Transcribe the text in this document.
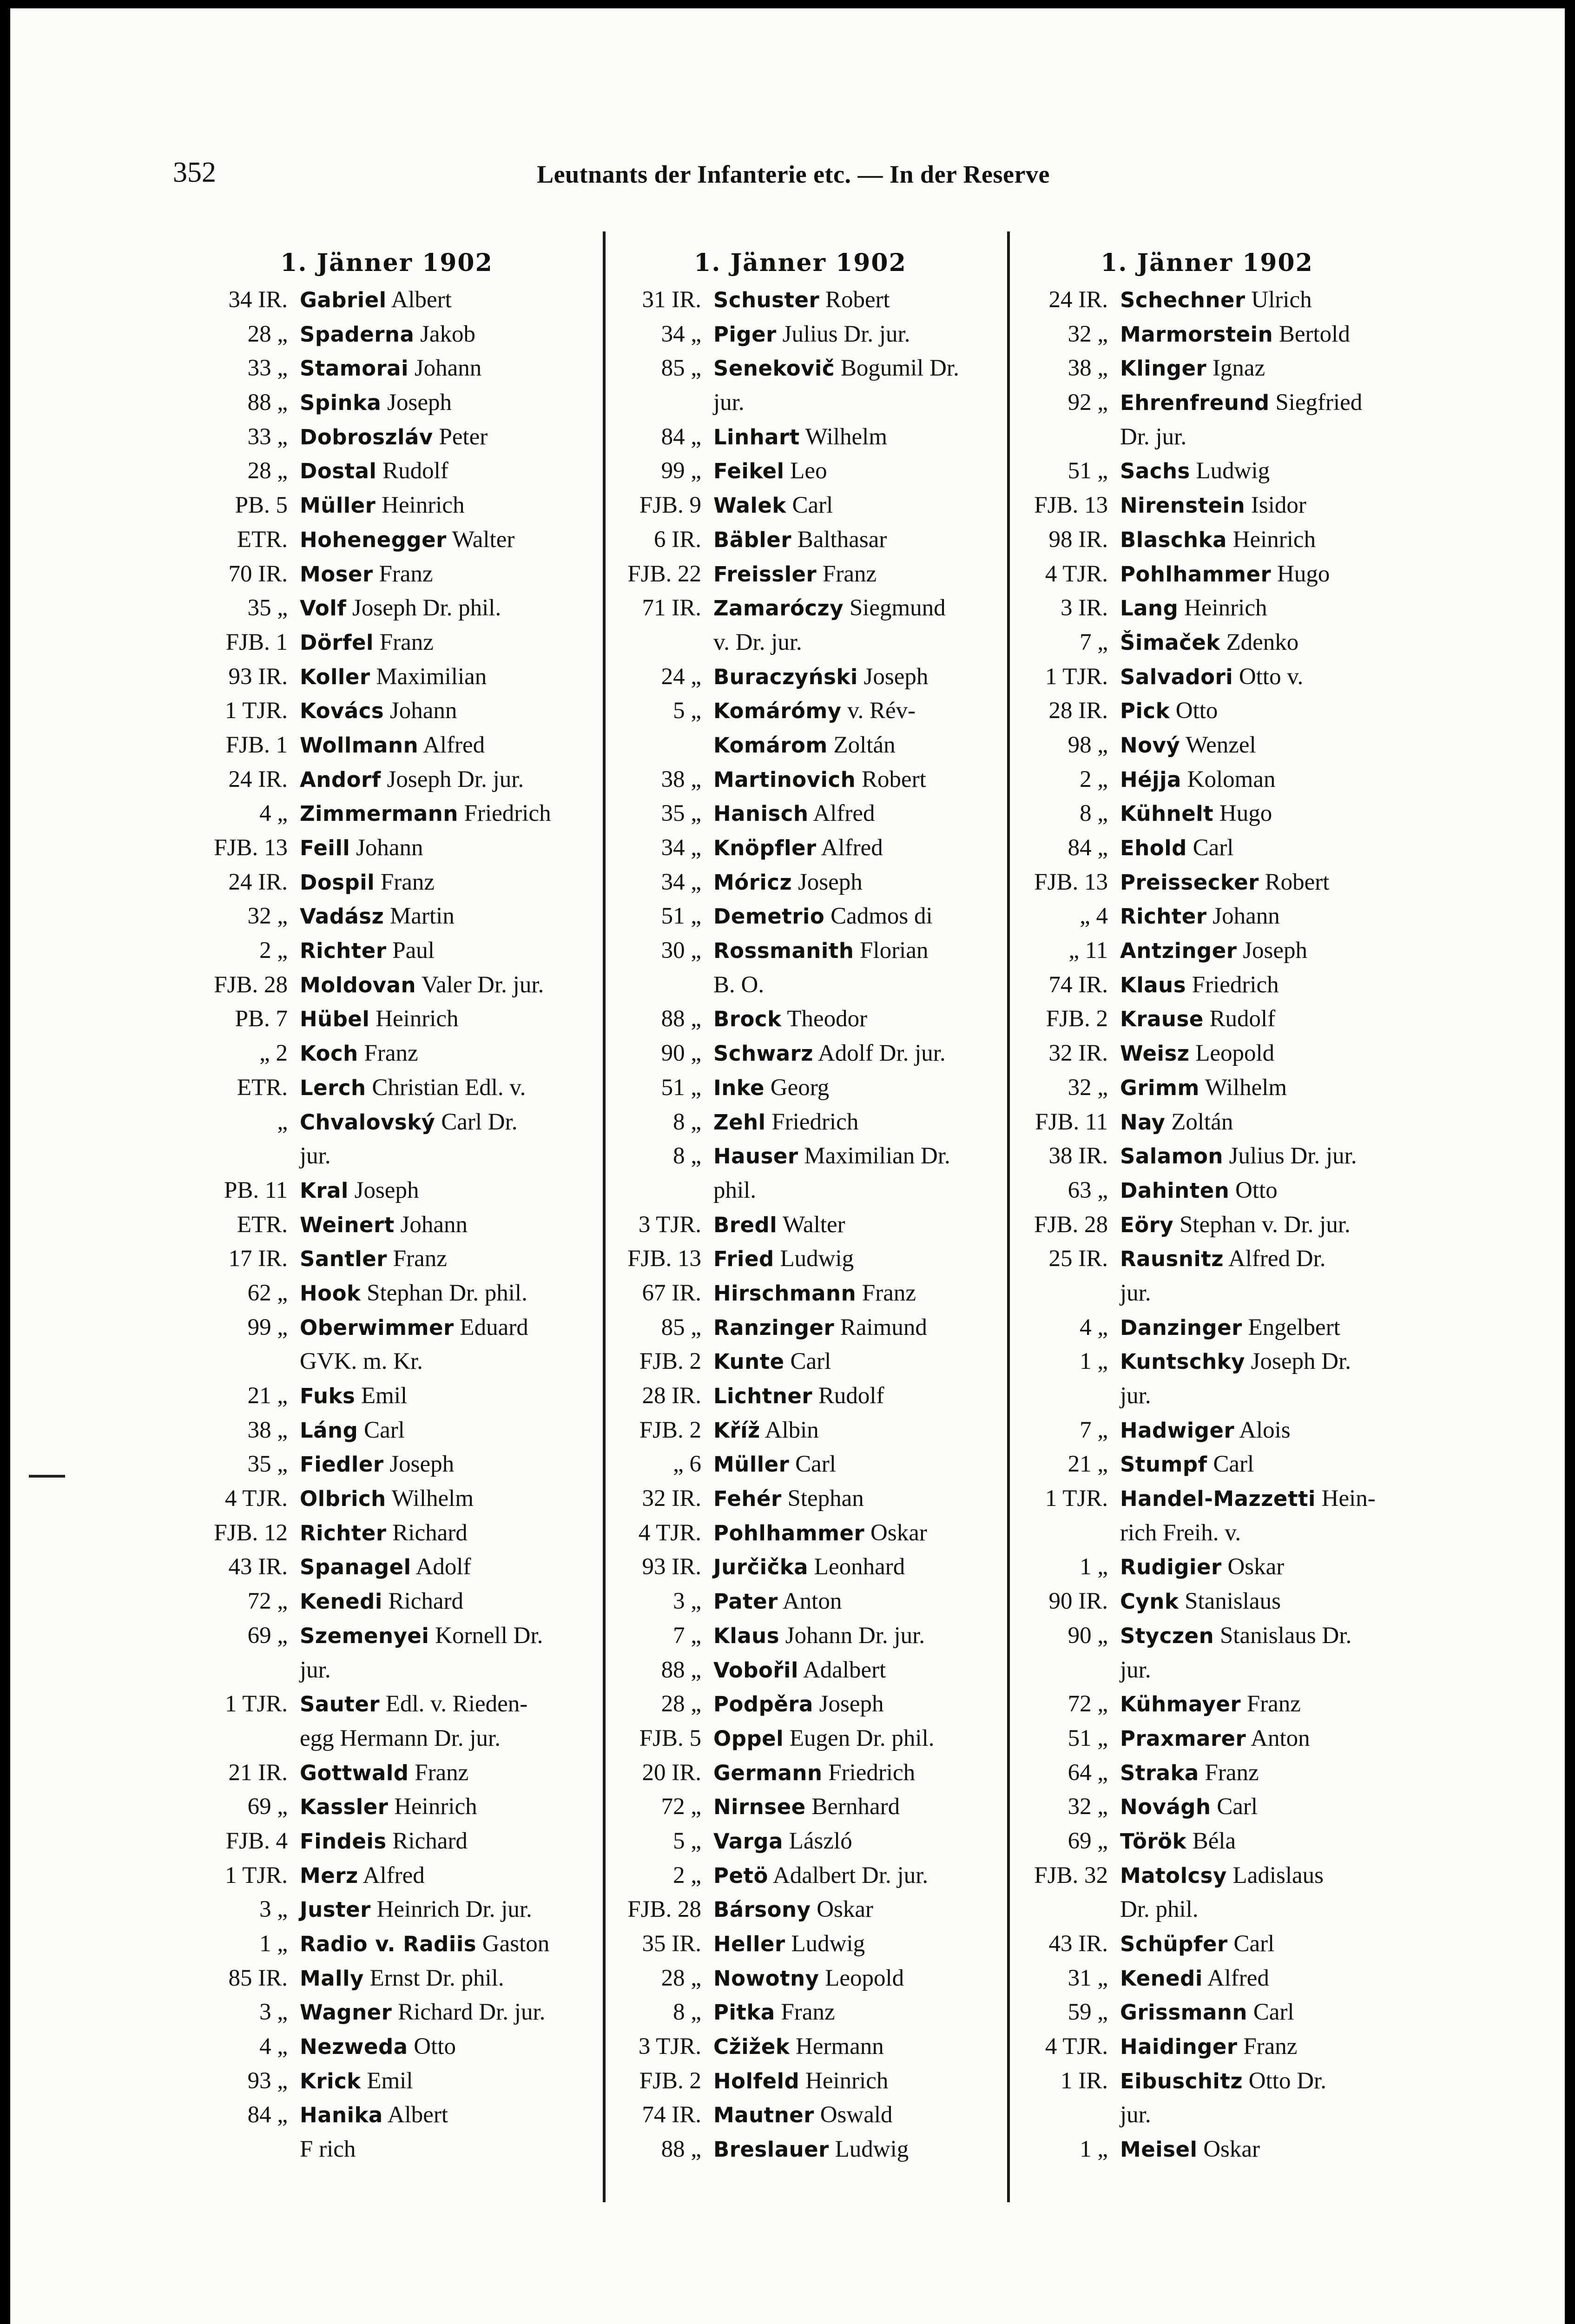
352	Leutnants der Infanterie etc. — In der Reserve
1. Jänner 1902
34 IR. Gabriel Albert
28 „ Spaderna Jakob
33 „ Stamorai Johann
88 „ Spinka Joseph
33 „ Dobroszláv Peter
28 „ Dostal Rudolf
PB. 5 Müller Heinrich
ETR. Hohenegger Walter
70 IR. Moser Franz
35 „ Volf Joseph Dr. phil.
FJB. 1 Dörfel Franz
93 IR. Koller Maximilian
1 TJR. Kovács Johann
FJB. 1 Wollmann Alfred
24 IR. Andorf Joseph Dr. jur.
4 „ Zimmermann Friedrich
FJB. 13 Feill Johann
24 IR. Dospil Franz
32 „ Vadász Martin
2 „ Richter Paul
FJB. 28 Moldovan Valer Dr. jur.
PB. 7 Hübel Heinrich
„ 2 Koch Franz
ETR. Lerch Christian Edl. v.
„ Chvalovský Carl Dr.
jur.
PB. 11 Kral Joseph
ETR. Weinert Johann
17 IR. Santler Franz
62 „ Hook Stephan Dr. phil.
99 „ Oberwimmer Eduard
GVK. m. Kr.
21 „ Fuks Emil
38 „ Láng Carl
35 „ Fiedler Joseph
4 TJR. Olbrich Wilhelm
FJB. 12 Richter Richard
43 IR. Spanagel Adolf
72 „ Kenedi Richard
69 „ Szemenyei Kornell Dr.
jur.
1 TJR. Sauter Edl. v. Rieden-
egg Hermann Dr. jur.
21 IR. Gottwald Franz
69 „ Kassler Heinrich
FJB. 4 Findeis Richard
1 TJR. Merz Alfred
3 „ Juster Heinrich Dr. jur.
1 „ Radio v. Radiis Gaston
85 IR. Mally Ernst Dr. phil.
3 „ Wagner Richard Dr. jur.
4 „ Nezweda Otto
93 „ Krick Emil
84 „ Hanika Albert
F rich
1. Jänner 1902
31 IR. Schuster Robert
34 „ Piger Julius Dr. jur.
85 „ Senekovič Bogumil Dr.
jur.
84 „ Linhart Wilhelm
99 „ Feikel Leo
FJB. 9 Walek Carl
6 IR. Bäbler Balthasar
FJB. 22 Freissler Franz
71 IR. Zamaróczy Siegmund
v. Dr. jur.
24 „ Buraczyński Joseph
5 „ Komárómy v. Rév-
Komárom Zoltán
38 „ Martinovich Robert
35 „ Hanisch Alfred
34 „ Knöpfler Alfred
34 „ Móricz Joseph
51 „ Demetrio Cadmos di
30 „ Rossmanith Florian
B. O.
88 „ Brock Theodor
90 „ Schwarz Adolf Dr. jur.
51 „ Inke Georg
8 „ Zehl Friedrich
8 „ Hauser Maximilian Dr.
phil.
3 TJR. Bredl Walter
FJB. 13 Fried Ludwig
67 IR. Hirschmann Franz
85 „ Ranzinger Raimund
FJB. 2 Kunte Carl
28 IR. Lichtner Rudolf
FJB. 2 Kříž Albin
„ 6 Müller Carl
32 IR. Fehér Stephan
4 TJR. Pohlhammer Oskar
93 IR. Jurčička Leonhard
3 „ Pater Anton
7 „ Klaus Johann Dr. jur.
88 „ Vobořil Adalbert
28 „ Podpěra Joseph
FJB. 5 Oppel Eugen Dr. phil.
20 IR. Germann Friedrich
72 „ Nirnsee Bernhard
5 „ Varga László
2 „ Petö Adalbert Dr. jur.
FJB. 28 Bársony Oskar
35 IR. Heller Ludwig
28 „ Nowotny Leopold
8 „ Pitka Franz
3 TJR. Cžižek Hermann
FJB. 2 Holfeld Heinrich
74 IR. Mautner Oswald
88 „ Breslauer Ludwig
1. Jänner 1902
24 IR. Schechner Ulrich
32 „ Marmorstein Bertold
38 „ Klinger Ignaz
92 „ Ehrenfreund Siegfried
Dr. jur.
51 „ Sachs Ludwig
FJB. 13 Nirenstein Isidor
98 IR. Blaschka Heinrich
4 TJR. Pohlhammer Hugo
3 IR. Lang Heinrich
7 „ Šimaček Zdenko
1 TJR. Salvadori Otto v.
28 IR. Pick Otto
98 „ Nový Wenzel
2 „ Héjja Koloman
8 „ Kühnelt Hugo
84 „ Ehold Carl
FJB. 13 Preissecker Robert
„ 4 Richter Johann
„ 11 Antzinger Joseph
74 IR. Klaus Friedrich
FJB. 2 Krause Rudolf
32 IR. Weisz Leopold
32 „ Grimm Wilhelm
FJB. 11 Nay Zoltán
38 IR. Salamon Julius Dr. jur.
63 „ Dahinten Otto
FJB. 28 Eöry Stephan v. Dr. jur.
25 IR. Rausnitz Alfred Dr.
jur.
4 „ Danzinger Engelbert
1 „ Kuntschky Joseph Dr.
jur.
7 „ Hadwiger Alois
21 „ Stumpf Carl
1 TJR. Handel-Mazzetti Hein-
rich Freih. v.
1 „ Rudigier Oskar
90 IR. Cynk Stanislaus
90 „ Styczen Stanislaus Dr.
jur.
72 „ Kühmayer Franz
51 „ Praxmarer Anton
64 „ Straka Franz
32 „ Novágh Carl
69 „ Török Béla
FJB. 32 Matolcsy Ladislaus
Dr. phil.
43 IR. Schüpfer Carl
31 „ Kenedi Alfred
59 „ Grissmann Carl
4 TJR. Haidinger Franz
1 IR. Eibuschitz Otto Dr.
jur.
1 „ Meisel Oskar
